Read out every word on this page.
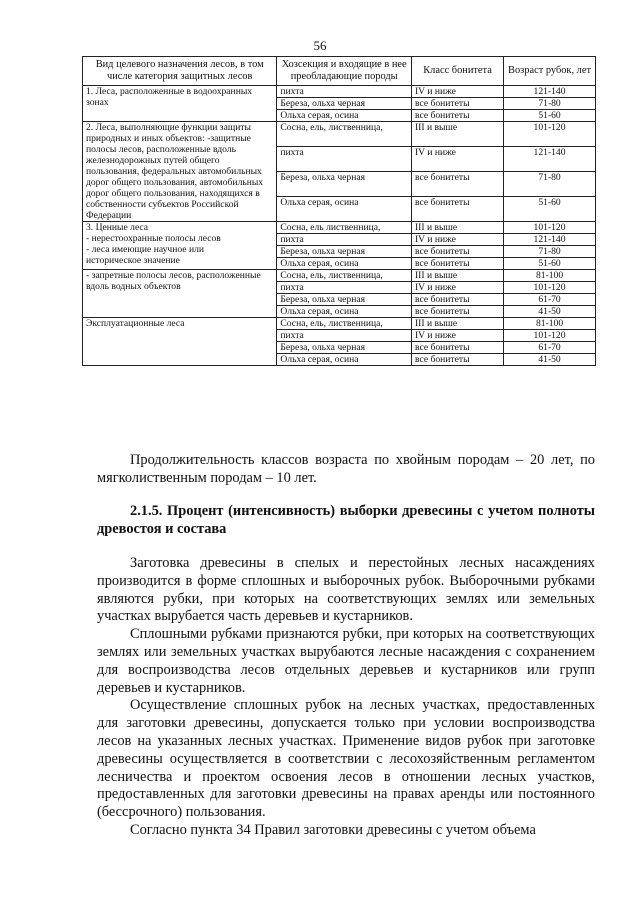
56
Вид целевого назначения лесов, в том числе категория защитных лесов	Хозсекция и входящие в нее преобладающие породы	Класс бонитета	Возраст рубок, лет
1. Леса, расположенные в водоохранных зонах	пихта	IV и ниже	121-140
	Береза, ольха черная	все бонитеты	71-80
	Ольха серая, осина	все бонитеты	51-60
2. Леса, выполняющие функции защиты природных и иных объектов: -защитные полосы лесов, расположенные вдоль железнодорожных путей общего пользования, федеральных автомобильных дорог общего пользования, автомобильных дорог общего пользования, находящихся в собственности субъектов Российской Федерации	Сосна, ель, лиственница,	III и выше	101-120
	пихта	IV и ниже	121-140
	Береза, ольха черная	все бонитеты	71-80
	Ольха серая, осина	все бонитеты	51-60
3. Ценные леса
- нерестоохранные полосы лесов
- леса имеющие научное или
историческое значение	Сосна, ель лиственница,	III и выше	101-120
	пихта	IV и ниже	121-140
	Береза, ольха черная	все бонитеты	71-80
	Ольха серая, осина	все бонитеты	51-60
- запретные полосы лесов, расположенные вдоль водных объектов	Сосна, ель, лиственница,	III и выше	81-100
	пихта	IV и ниже	101-120
	Береза, ольха черная	все бонитеты	61-70
	Ольха серая, осина	все бонитеты	41-50
Эксплуатационные леса	Сосна, ель, лиственница,	III и выше	81-100
	пихта	IV и ниже	101-120
	Береза, ольха черная	все бонитеты	61-70
	Ольха серая, осина	все бонитеты	41-50

Продолжительность классов возраста по хвойным породам – 20 лет, по мягколиственным породам – 10 лет.

2.1.5. Процент (интенсивность) выборки древесины с учетом полноты древостоя и состава

Заготовка древесины в спелых и перестойных лесных насаждениях производится в форме сплошных и выборочных рубок. Выборочными рубками являются рубки, при которых на соответствующих землях или земельных участках вырубается часть деревьев и кустарников.

Сплошными рубками признаются рубки, при которых на соответствующих землях или земельных участках вырубаются лесные насаждения с сохранением для воспроизводства лесов отдельных деревьев и кустарников или групп деревьев и кустарников.

Осуществление сплошных рубок на лесных участках, предоставленных для заготовки древесины, допускается только при условии воспроизводства лесов на указанных лесных участках. Применение видов рубок при заготовке древесины осуществляется в соответствии с лесохозяйственным регламентом лесничества и проектом освоения лесов в отношении лесных участков, предоставленных для заготовки древесины на правах аренды или постоянного (бессрочного) пользования.

Согласно пункта 34 Правил заготовки древесины с учетом объема
